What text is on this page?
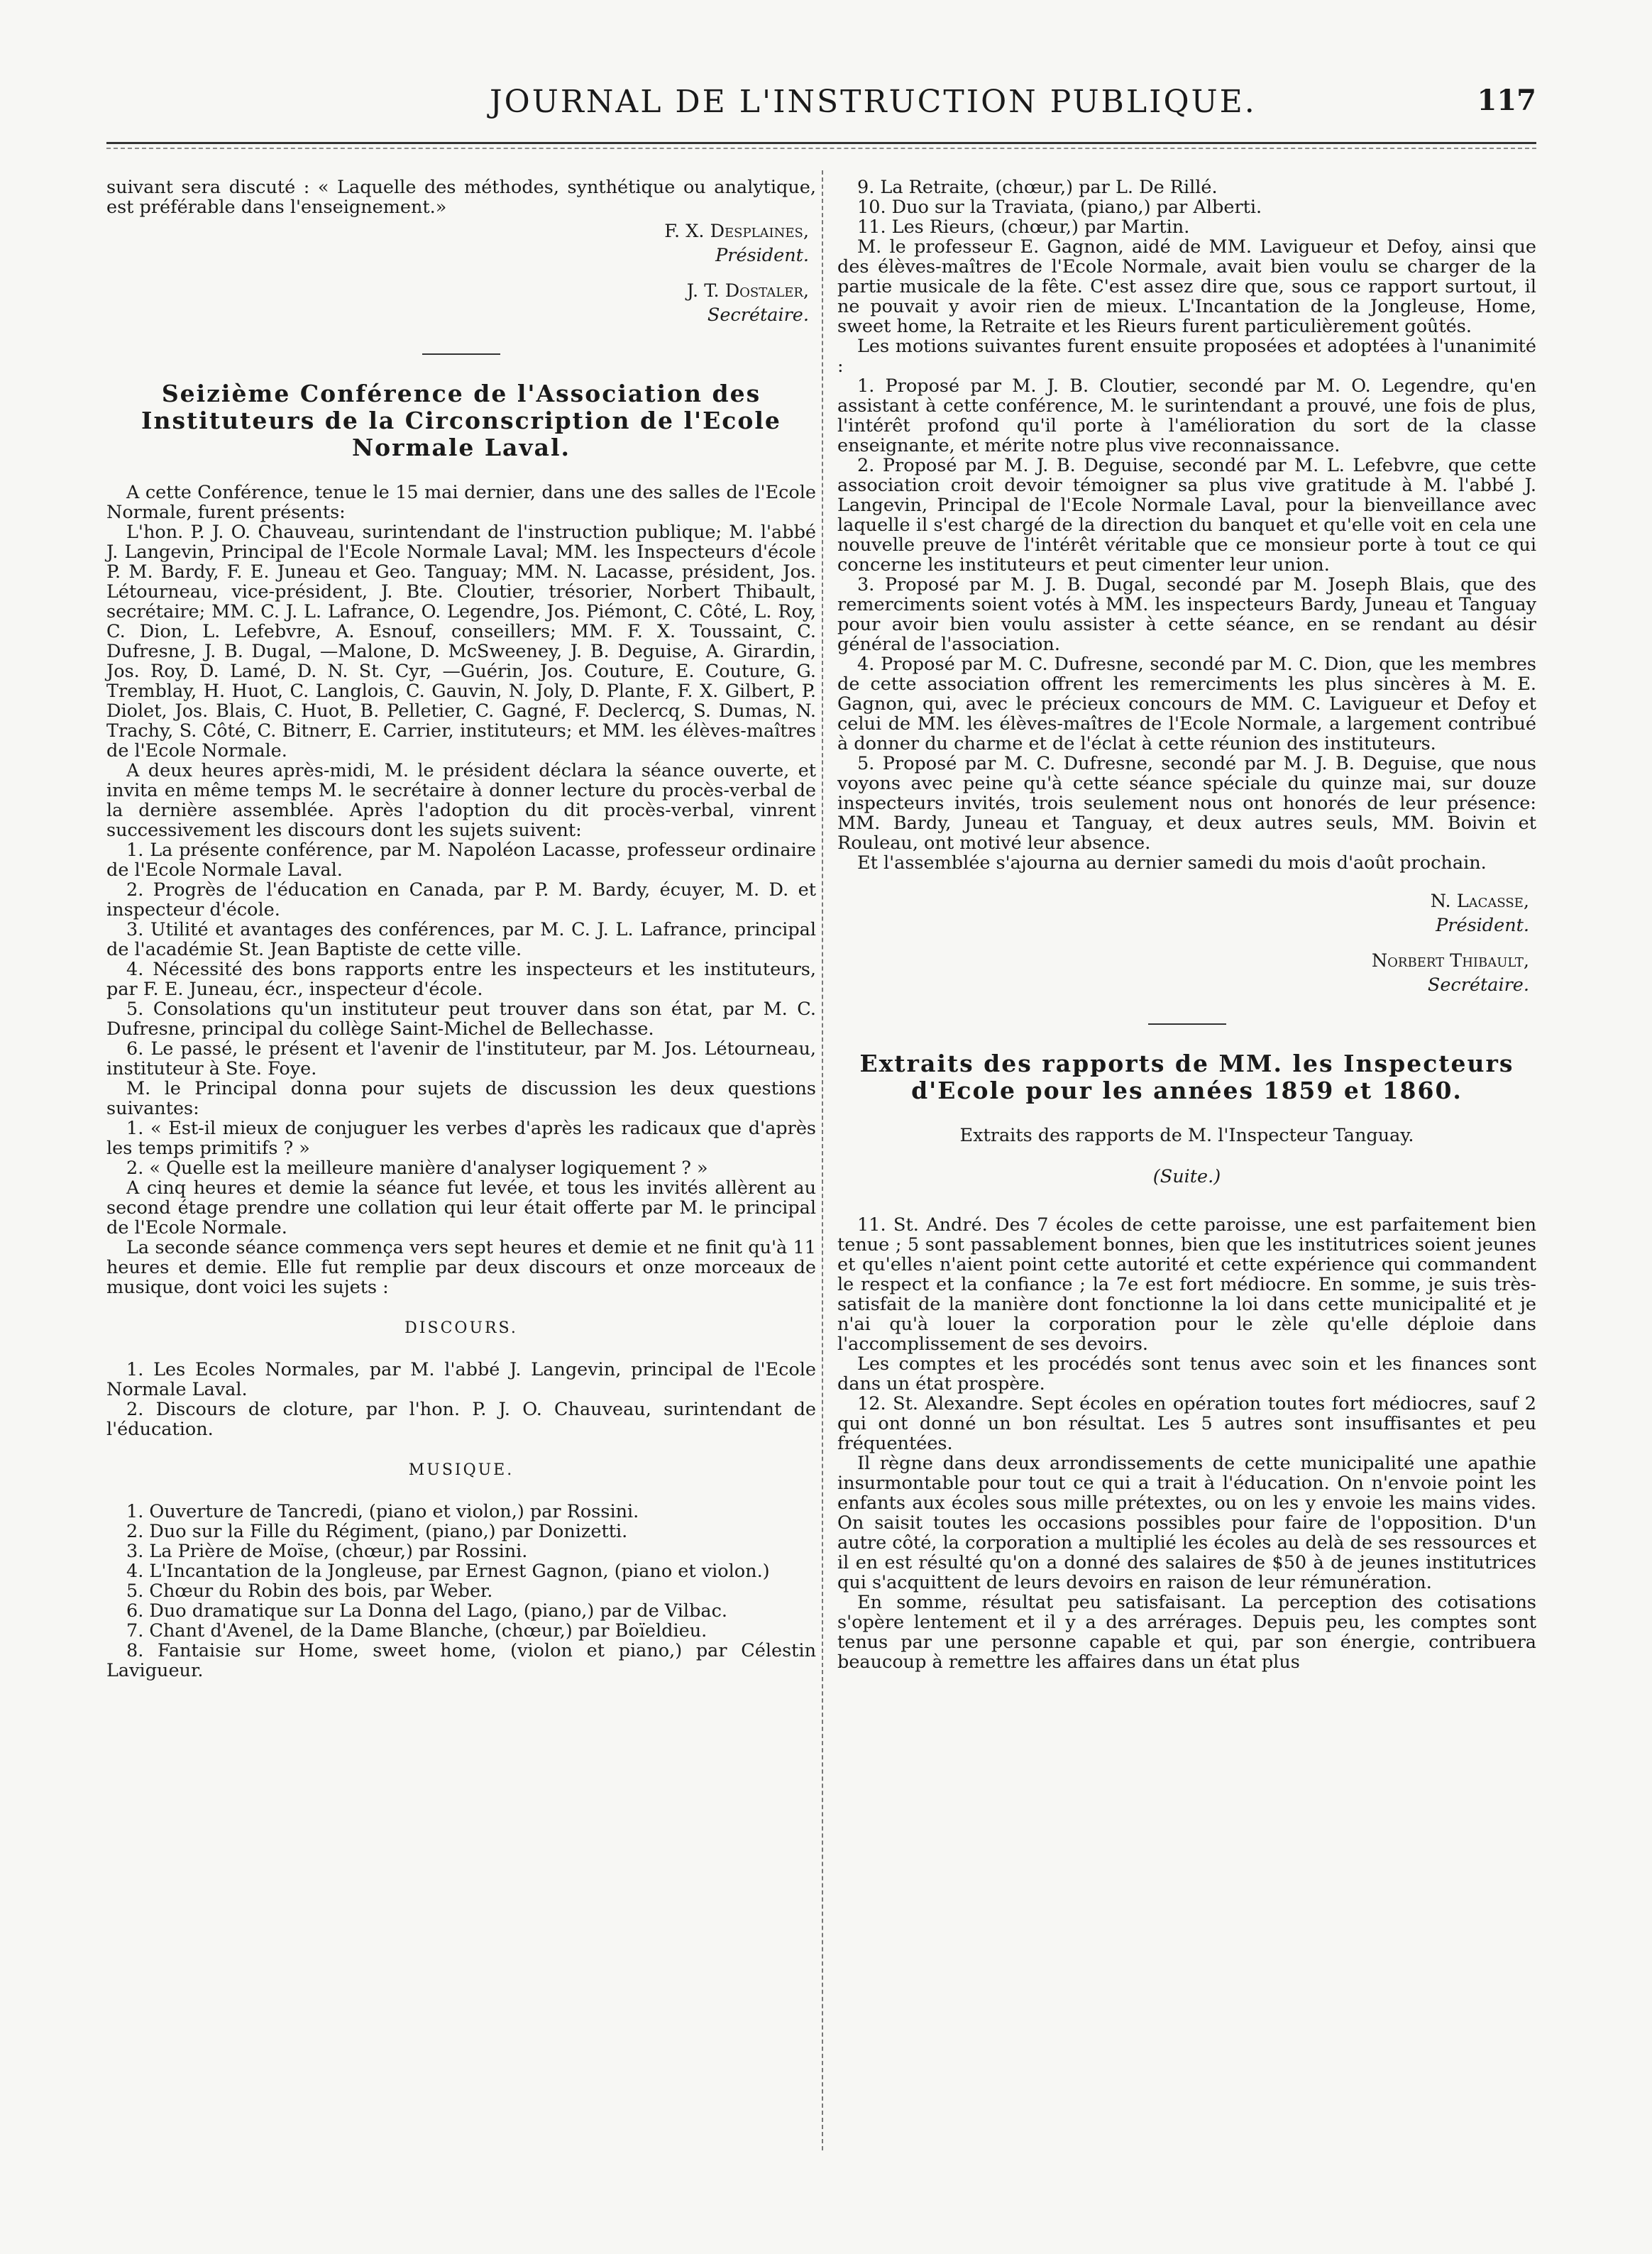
JOURNAL DE L'INSTRUCTION PUBLIQUE.	117

suivant sera discuté : « Laquelle des méthodes, synthétique ou analytique, est préférable dans l'enseignement.»

F. X. Desplaines,

Président.

J. T. Dostaler,

Secrétaire.

Seizième Conférence de l'Association des Instituteurs de la Circonscription de l'Ecole Normale Laval.

A cette Conférence, tenue le 15 mai dernier, dans une des salles de l'Ecole Normale, furent présents:

L'hon. P. J. O. Chauveau, surintendant de l'instruction publique; M. l'abbé J. Langevin, Principal de l'Ecole Normale Laval; MM. les Inspecteurs d'école P. M. Bardy, F. E. Juneau et Geo. Tanguay; MM. N. Lacasse, président, Jos. Létourneau, vice-président, J. Bte. Cloutier, trésorier, Norbert Thibault, secrétaire; MM. C. J. L. Lafrance, O. Legendre, Jos. Piémont, C. Côté, L. Roy, C. Dion, L. Lefebvre, A. Esnouf, conseillers; MM. F. X. Toussaint, C. Dufresne, J. B. Dugal, —Malone, D. McSweeney, J. B. Deguise, A. Girardin, Jos. Roy, D. Lamé, D. N. St. Cyr, —Guérin, Jos. Couture, E. Couture, G. Tremblay, H. Huot, C. Langlois, C. Gauvin, N. Joly, D. Plante, F. X. Gilbert, P. Diolet, Jos. Blais, C. Huot, B. Pelletier, C. Gagné, F. Declercq, S. Dumas, N. Trachy, S. Côté, C. Bitnerr, E. Carrier, instituteurs; et MM. les élèves-maîtres de l'Ecole Normale.

A deux heures après-midi, M. le président déclara la séance ouverte, et invita en même temps M. le secrétaire à donner lecture du procès-verbal de la dernière assemblée. Après l'adoption du dit procès-verbal, vinrent successivement les discours dont les sujets suivent:

1. La présente conférence, par M. Napoléon Lacasse, professeur ordinaire de l'Ecole Normale Laval.

2. Progrès de l'éducation en Canada, par P. M. Bardy, écuyer, M. D. et inspecteur d'école.

3. Utilité et avantages des conférences, par M. C. J. L. Lafrance, principal de l'académie St. Jean Baptiste de cette ville.

4. Nécessité des bons rapports entre les inspecteurs et les instituteurs, par F. E. Juneau, écr., inspecteur d'école.

5. Consolations qu'un instituteur peut trouver dans son état, par M. C. Dufresne, principal du collège Saint-Michel de Bellechasse.

6. Le passé, le présent et l'avenir de l'instituteur, par M. Jos. Létourneau, instituteur à Ste. Foye.

M. le Principal donna pour sujets de discussion les deux questions suivantes:

1. « Est-il mieux de conjuguer les verbes d'après les radicaux que d'après les temps primitifs ? »

2. « Quelle est la meilleure manière d'analyser logiquement ? »

A cinq heures et demie la séance fut levée, et tous les invités allèrent au second étage prendre une collation qui leur était offerte par M. le principal de l'Ecole Normale.

La seconde séance commença vers sept heures et demie et ne finit qu'à 11 heures et demie. Elle fut remplie par deux discours et onze morceaux de musique, dont voici les sujets :

DISCOURS.

1. Les Ecoles Normales, par M. l'abbé J. Langevin, principal de l'Ecole Normale Laval.

2. Discours de cloture, par l'hon. P. J. O. Chauveau, surintendant de l'éducation.

MUSIQUE.

1. Ouverture de Tancredi, (piano et violon,) par Rossini.

2. Duo sur la Fille du Régiment, (piano,) par Donizetti.

3. La Prière de Moïse, (chœur,) par Rossini.

4. L'Incantation de la Jongleuse, par Ernest Gagnon, (piano et violon.)

5. Chœur du Robin des bois, par Weber.

6. Duo dramatique sur La Donna del Lago, (piano,) par de Vilbac.

7. Chant d'Avenel, de la Dame Blanche, (chœur,) par Boïeldieu.

8. Fantaisie sur Home, sweet home, (violon et piano,) par Célestin Lavigueur.

9. La Retraite, (chœur,) par L. De Rillé.

10. Duo sur la Traviata, (piano,) par Alberti.

11. Les Rieurs, (chœur,) par Martin.

M. le professeur E. Gagnon, aidé de MM. Lavigueur et Defoy, ainsi que des élèves-maîtres de l'Ecole Normale, avait bien voulu se charger de la partie musicale de la fête. C'est assez dire que, sous ce rapport surtout, il ne pouvait y avoir rien de mieux. L'Incantation de la Jongleuse, Home, sweet home, la Retraite et les Rieurs furent particulièrement goûtés.

Les motions suivantes furent ensuite proposées et adoptées à l'unanimité :

1. Proposé par M. J. B. Cloutier, secondé par M. O. Legendre, qu'en assistant à cette conférence, M. le surintendant a prouvé, une fois de plus, l'intérêt profond qu'il porte à l'amélioration du sort de la classe enseignante, et mérite notre plus vive reconnaissance.

2. Proposé par M. J. B. Deguise, secondé par M. L. Lefebvre, que cette association croit devoir témoigner sa plus vive gratitude à M. l'abbé J. Langevin, Principal de l'Ecole Normale Laval, pour la bienveillance avec laquelle il s'est chargé de la direction du banquet et qu'elle voit en cela une nouvelle preuve de l'intérêt véritable que ce monsieur porte à tout ce qui concerne les instituteurs et peut cimenter leur union.

3. Proposé par M. J. B. Dugal, secondé par M. Joseph Blais, que des remerciments soient votés à MM. les inspecteurs Bardy, Juneau et Tanguay pour avoir bien voulu assister à cette séance, en se rendant au désir général de l'association.

4. Proposé par M. C. Dufresne, secondé par M. C. Dion, que les membres de cette association offrent les remerciments les plus sincères à M. E. Gagnon, qui, avec le précieux concours de MM. C. Lavigueur et Defoy et celui de MM. les élèves-maîtres de l'Ecole Normale, a largement contribué à donner du charme et de l'éclat à cette réunion des instituteurs.

5. Proposé par M. C. Dufresne, secondé par M. J. B. Deguise, que nous voyons avec peine qu'à cette séance spéciale du quinze mai, sur douze inspecteurs invités, trois seulement nous ont honorés de leur présence: MM. Bardy, Juneau et Tanguay, et deux autres seuls, MM. Boivin et Rouleau, ont motivé leur absence.

Et l'assemblée s'ajourna au dernier samedi du mois d'août prochain.

N. Lacasse,

Président.

Norbert Thibault,

Secrétaire.

Extraits des rapports de MM. les Inspecteurs d'Ecole pour les années 1859 et 1860.

Extraits des rapports de M. l'Inspecteur Tanguay.

(Suite.)

11. St. André. Des 7 écoles de cette paroisse, une est parfaitement bien tenue ; 5 sont passablement bonnes, bien que les institutrices soient jeunes et qu'elles n'aient point cette autorité et cette expérience qui commandent le respect et la confiance ; la 7e est fort médiocre. En somme, je suis très-satisfait de la manière dont fonctionne la loi dans cette municipalité et je n'ai qu'à louer la corporation pour le zèle qu'elle déploie dans l'accomplissement de ses devoirs.

Les comptes et les procédés sont tenus avec soin et les finances sont dans un état prospère.

12. St. Alexandre. Sept écoles en opération toutes fort médiocres, sauf 2 qui ont donné un bon résultat. Les 5 autres sont insuffisantes et peu fréquentées.

Il règne dans deux arrondissements de cette municipalité une apathie insurmontable pour tout ce qui a trait à l'éducation. On n'envoie point les enfants aux écoles sous mille prétextes, ou on les y envoie les mains vides. On saisit toutes les occasions possibles pour faire de l'opposition. D'un autre côté, la corporation a multiplié les écoles au delà de ses ressources et il en est résulté qu'on a donné des salaires de $50 à de jeunes institutrices qui s'acquittent de leurs devoirs en raison de leur rémunération.

En somme, résultat peu satisfaisant. La perception des cotisations s'opère lentement et il y a des arrérages. Depuis peu, les comptes sont tenus par une personne capable et qui, par son énergie, contribuera beaucoup à remettre les affaires dans un état plus
